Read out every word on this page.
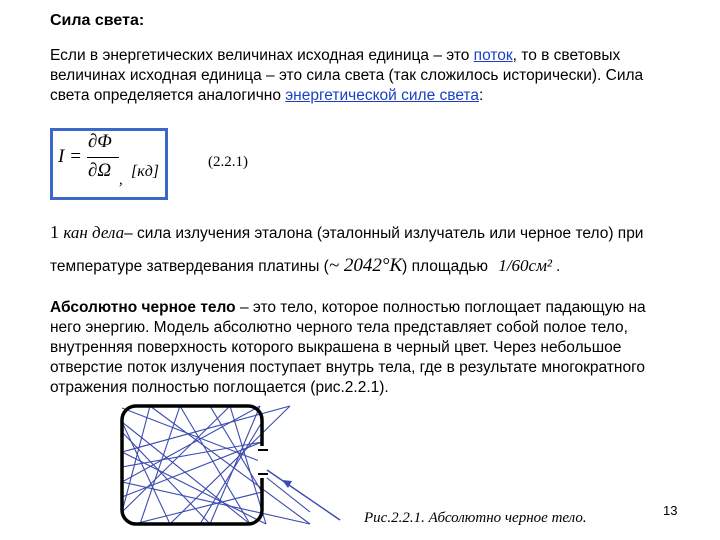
Сила света:
Если в энергетических величинах исходная единица – это поток, то в световых
величинах исходная единица – это сила света (так сложилось исторически). Сила
света определяется аналогично энергетической силе света:
I =
∂Φ
∂Ω , [кд]
(2.2.1)
1 кан дела– сила излучения эталона (эталонный излучатель или черное тело) при
температуре затвердевания платины (~ 2042°K) площадью 1/60см² .
Абсолютно черное тело – это тело, которое полностью поглощает падающую на
него энергию. Модель абсолютно черного тела представляет собой полое тело,
внутренняя поверхность которого выкрашена в черный цвет. Через небольшое
отверстие поток излучения поступает внутрь тела, где в результате многократного
отражения полностью поглощается (рис.2.2.1).
Рис.2.2.1. Абсолютно черное тело.	13
